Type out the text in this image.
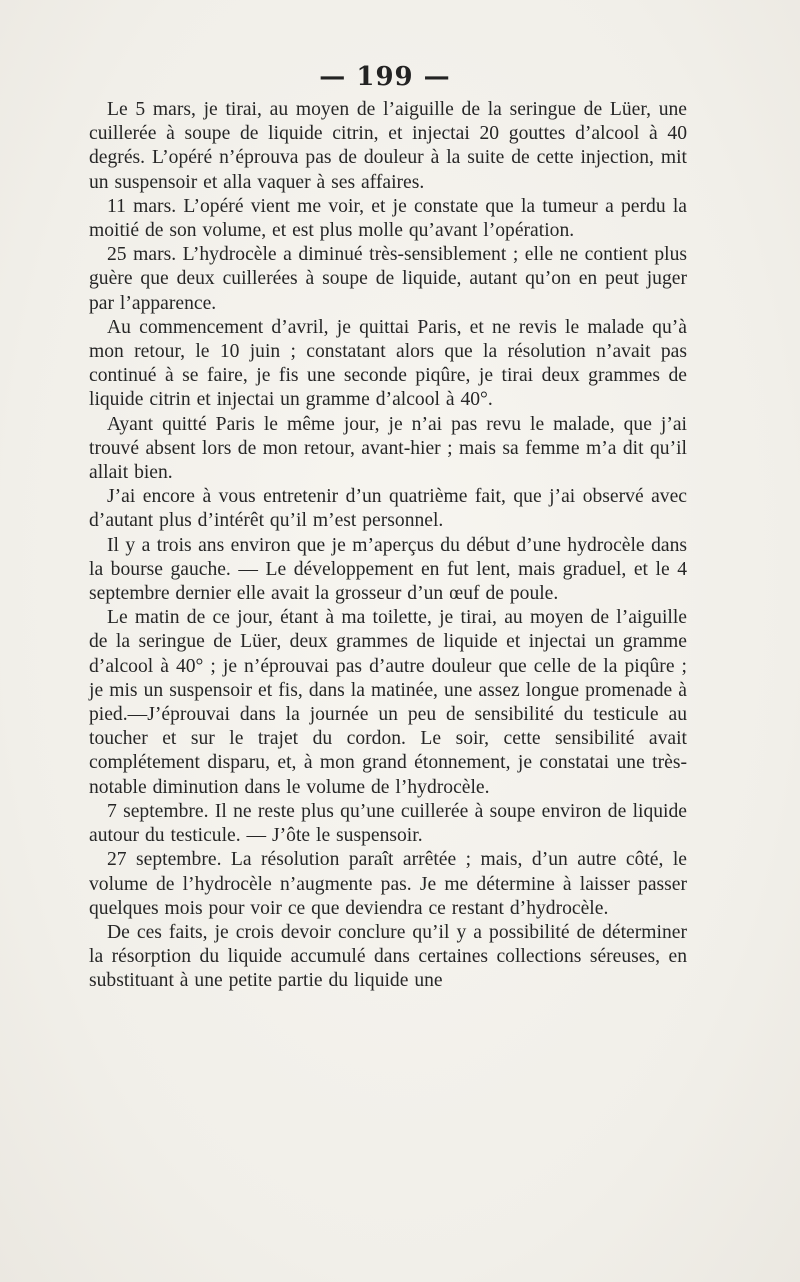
— 199 —

Le 5 mars, je tirai, au moyen de l’aiguille de la seringue de Lüer, une cuillerée à soupe de liquide citrin, et injectai 20 gouttes d’alcool à 40 degrés. L’opéré n’éprouva pas de douleur à la suite de cette injection, mit un suspensoir et alla vaquer à ses affaires.

11 mars. L’opéré vient me voir, et je constate que la tumeur a perdu la moitié de son volume, et est plus molle qu’avant l’opération.

25 mars. L’hydrocèle a diminué très-sensiblement ; elle ne contient plus guère que deux cuillerées à soupe de liquide, autant qu’on en peut juger par l’apparence.

Au commencement d’avril, je quittai Paris, et ne revis le malade qu’à mon retour, le 10 juin ; constatant alors que la résolution n’avait pas continué à se faire, je fis une seconde piqûre, je tirai deux grammes de liquide citrin et injectai un gramme d’alcool à 40°.

Ayant quitté Paris le même jour, je n’ai pas revu le malade, que j’ai trouvé absent lors de mon retour, avant-hier ; mais sa femme m’a dit qu’il allait bien.

J’ai encore à vous entretenir d’un quatrième fait, que j’ai observé avec d’autant plus d’intérêt qu’il m’est personnel.

Il y a trois ans environ que je m’aperçus du début d’une hydrocèle dans la bourse gauche. — Le développement en fut lent, mais graduel, et le 4 septembre dernier elle avait la grosseur d’un œuf de poule.

Le matin de ce jour, étant à ma toilette, je tirai, au moyen de l’aiguille de la seringue de Lüer, deux grammes de liquide et injectai un gramme d’alcool à 40° ; je n’éprouvai pas d’autre douleur que celle de la piqûre ; je mis un suspensoir et fis, dans la matinée, une assez longue promenade à pied.—J’éprouvai dans la journée un peu de sensibilité du testicule au toucher et sur le trajet du cordon. Le soir, cette sensibilité avait complétement disparu, et, à mon grand étonnement, je constatai une très-notable diminution dans le volume de l’hydrocèle.

7 septembre. Il ne reste plus qu’une cuillerée à soupe environ de liquide autour du testicule. — J’ôte le suspensoir.

27 septembre. La résolution paraît arrêtée ; mais, d’un autre côté, le volume de l’hydrocèle n’augmente pas. Je me détermine à laisser passer quelques mois pour voir ce que deviendra ce restant d’hydrocèle.

De ces faits, je crois devoir conclure qu’il y a possibilité de déterminer la résorption du liquide accumulé dans certaines collections séreuses, en substituant à une petite partie du liquide une
